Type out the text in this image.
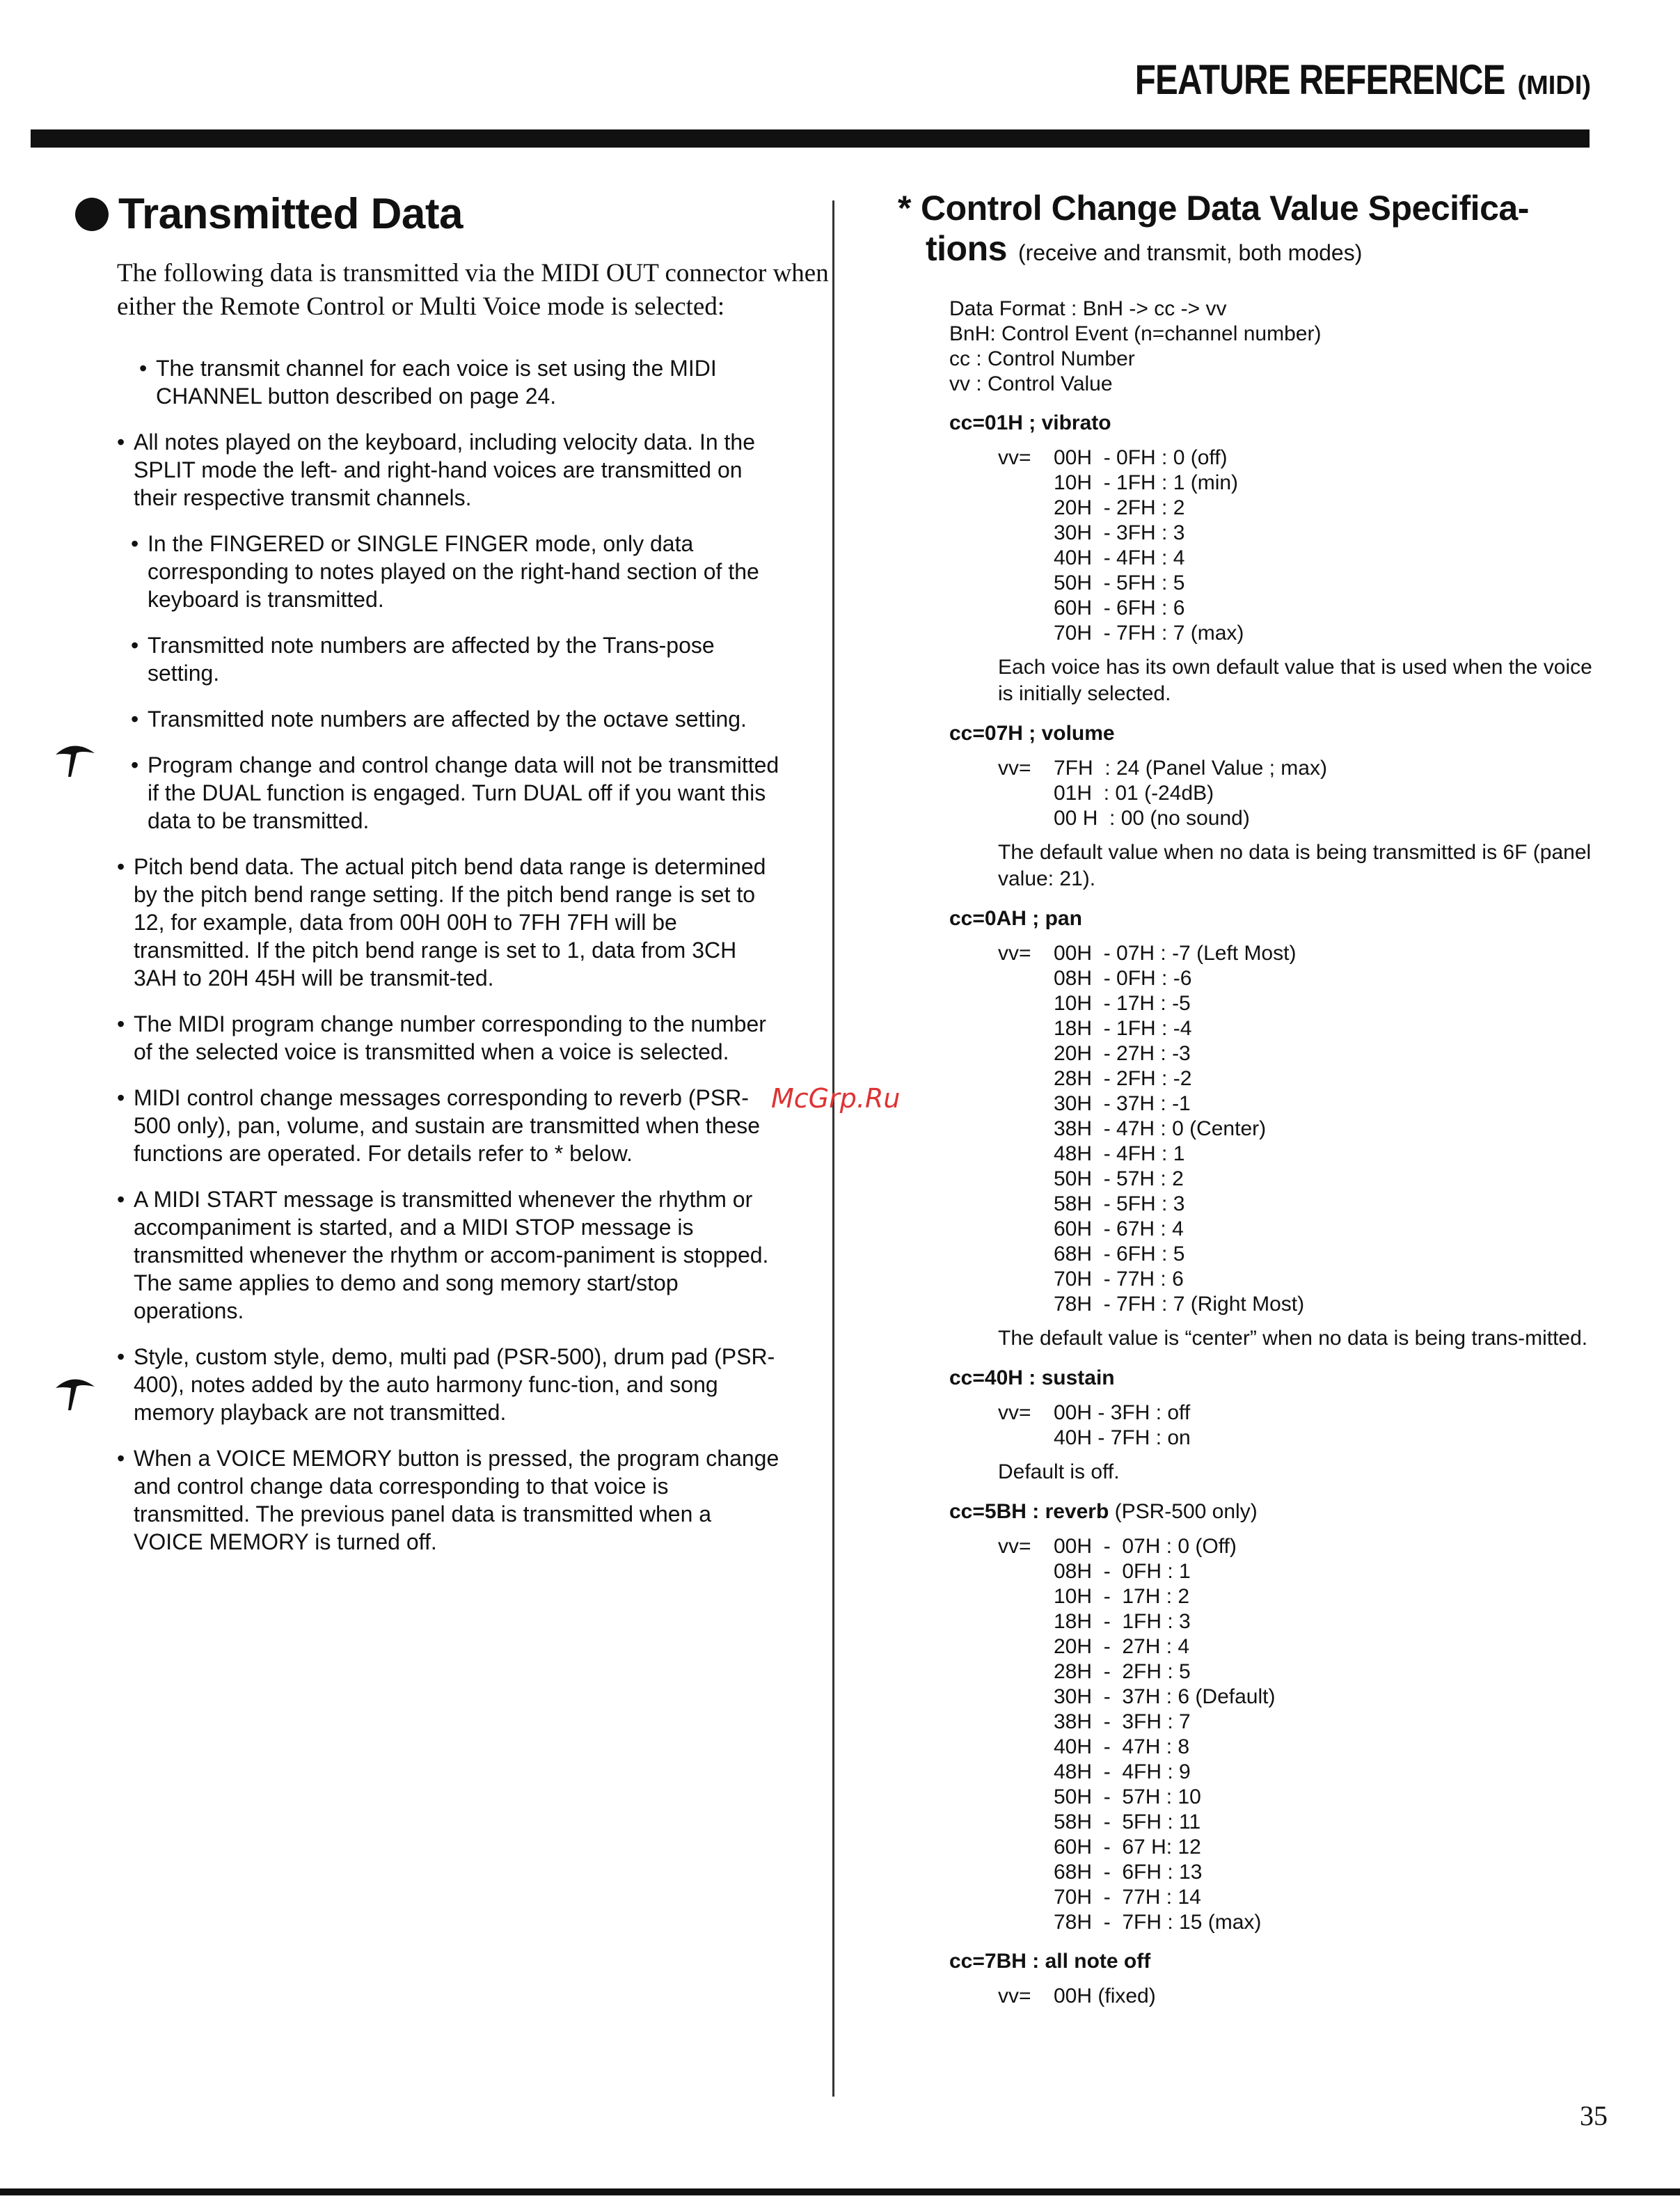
FEATURE REFERENCE (MIDI)
Transmitted Data

The following data is transmitted via the MIDI OUT connector when either the Remote Control or Multi Voice mode is selected:

• The transmit channel for each voice is set using the MIDI CHANNEL button described on page 24.
• All notes played on the keyboard, including velocity data. In the SPLIT mode the left- and right-hand voices are transmitted on their respective transmit channels.
• In the FINGERED or SINGLE FINGER mode, only data corresponding to notes played on the right-hand section of the keyboard is transmitted.
• Transmitted note numbers are affected by the Trans-pose setting.
• Transmitted note numbers are affected by the octave setting.
• Program change and control change data will not be transmitted if the DUAL function is engaged. Turn DUAL off if you want this data to be transmitted.
• Pitch bend data. The actual pitch bend data range is determined by the pitch bend range setting. If the pitch bend range is set to 12, for example, data from 00H 00H to 7FH 7FH will be transmitted. If the pitch bend range is set to 1, data from 3CH 3AH to 20H 45H will be transmit-ted.
• The MIDI program change number corresponding to the number of the selected voice is transmitted when a voice is selected.
• MIDI control change messages corresponding to reverb (PSR-500 only), pan, volume, and sustain are transmitted when these functions are operated. For details refer to * below.
• A MIDI START message is transmitted whenever the rhythm or accompaniment is started, and a MIDI STOP message is transmitted whenever the rhythm or accom-paniment is stopped. The same applies to demo and song memory start/stop operations.
• Style, custom style, demo, multi pad (PSR-500), drum pad (PSR-400), notes added by the auto harmony func-tion, and song memory playback are not transmitted.
• When a VOICE MEMORY button is pressed, the program change and control change data corresponding to that voice is transmitted. The previous panel data is transmitted when a VOICE MEMORY is turned off.
McGrp.Ru
* Control Change Data Value Specifica-
tions (receive and transmit, both modes)
Data Format : BnH -> cc -> vv
BnH: Control Event (n=channel number)
cc : Control Number
vv : Control Value
cc=01H ; vibrato
vv=	00H  - 0FH : 0 (off)
10H  - 1FH : 1 (min)
20H  - 2FH : 2
30H  - 3FH : 3
40H  - 4FH : 4
50H  - 5FH : 5
60H  - 6FH : 6
70H  - 7FH : 7 (max)

Each voice has its own default value that is used when the voice is initially selected.

cc=07H ; volume
vv=	7FH  : 24 (Panel Value ; max)
01H  : 01 (-24dB)
00 H  : 00 (no sound)

The default value when no data is being transmitted is 6F (panel value: 21).

cc=0AH ; pan
vv=	00H  - 07H : -7 (Left Most)
08H  - 0FH : -6
10H  - 17H : -5
18H  - 1FH : -4
20H  - 27H : -3
28H  - 2FH : -2
30H  - 37H : -1
38H  - 47H : 0 (Center)
48H  - 4FH : 1
50H  - 57H : 2
58H  - 5FH : 3
60H  - 67H : 4
68H  - 6FH : 5
70H  - 77H : 6
78H  - 7FH : 7 (Right Most)

The default value is “center” when no data is being trans-mitted.

cc=40H : sustain
vv=	00H - 3FH : off
40H - 7FH : on

Default is off.

cc=5BH : reverb (PSR-500 only)
vv=	00H  -  07H : 0 (Off)
08H  -  0FH : 1
10H  -  17H : 2
18H  -  1FH : 3
20H  -  27H : 4
28H  -  2FH : 5
30H  -  37H : 6 (Default)
38H  -  3FH : 7
40H  -  47H : 8
48H  -  4FH : 9
50H  -  57H : 10
58H  -  5FH : 11
60H  -  67 H: 12
68H  -  6FH : 13
70H  -  77H : 14
78H  -  7FH : 15 (max)
cc=7BH : all note off
vv=	00H (fixed)
35
